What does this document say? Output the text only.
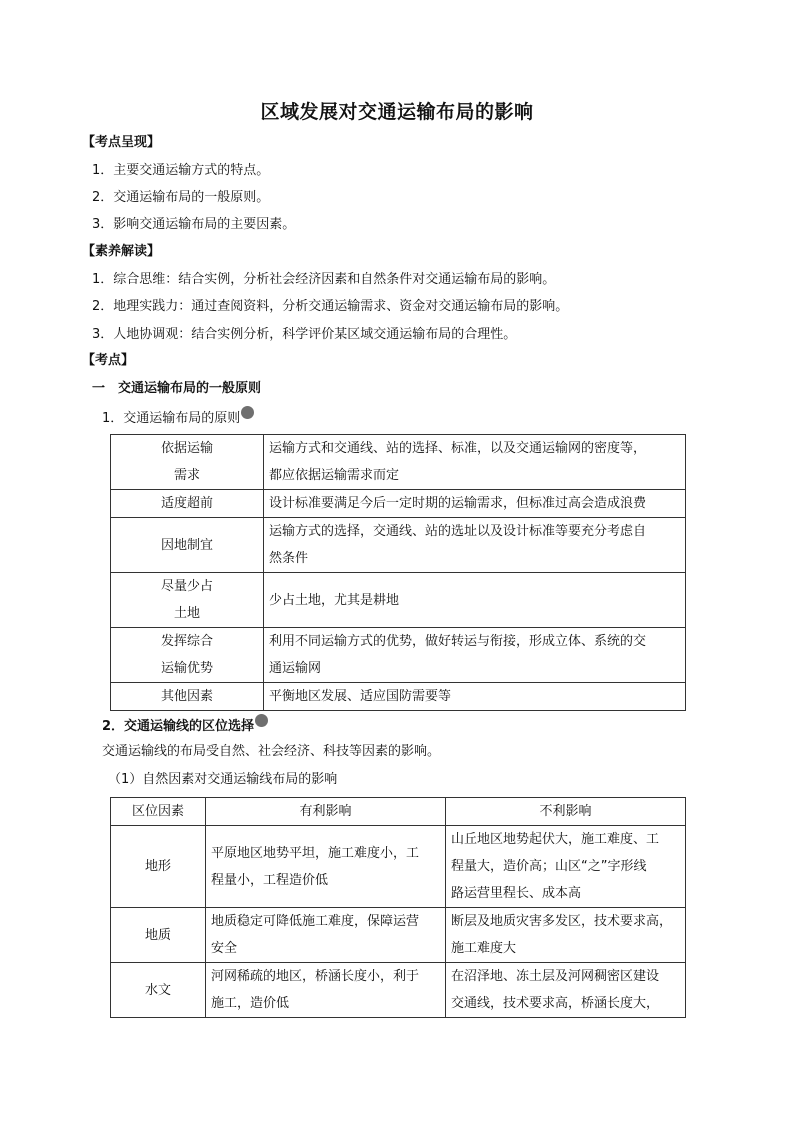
区域发展对交通运输布局的影响
【考点呈现】
1．主要交通运输方式的特点。
2．交通运输布局的一般原则。
3．影响交通运输布局的主要因素。
【素养解读】
1．综合思维：结合实例，分析社会经济因素和自然条件对交通运输布局的影响。
2．地理实践力：通过查阅资料，分析交通运输需求、资金对交通运输布局的影响。
3．人地协调观：结合实例分析，科学评价某区域交通运输布局的合理性。
【考点】
一　交通运输布局的一般原则
1．交通运输布局的原则
依据运输
需求	运输方式和交通线、站的选择、标准，以及交通运输网的密度等，
都应依据运输需求而定
适度超前	设计标准要满足今后一定时期的运输需求，但标准过高会造成浪费
因地制宜	运输方式的选择，交通线、站的选址以及设计标准等要充分考虑自
然条件
尽量少占
土地	少占土地，尤其是耕地
发挥综合
运输优势	利用不同运输方式的优势，做好转运与衔接，形成立体、系统的交
通运输网
其他因素	平衡地区发展、适应国防需要等
2．交通运输线的区位选择
交通运输线的布局受自然、社会经济、科技等因素的影响。
（1）自然因素对交通运输线布局的影响
区位因素	有利影响	不利影响
地形	平原地区地势平坦，施工难度小，工
程量小，工程造价低	山丘地区地势起伏大，施工难度、工
程量大，造价高；山区“之”字形线
路运营里程长、成本高
地质	地质稳定可降低施工难度，保障运营
安全	断层及地质灾害多发区，技术要求高，
施工难度大
水文	河网稀疏的地区，桥涵长度小，利于
施工，造价低	在沼泽地、冻土层及河网稠密区建设
交通线，技术要求高，桥涵长度大，
